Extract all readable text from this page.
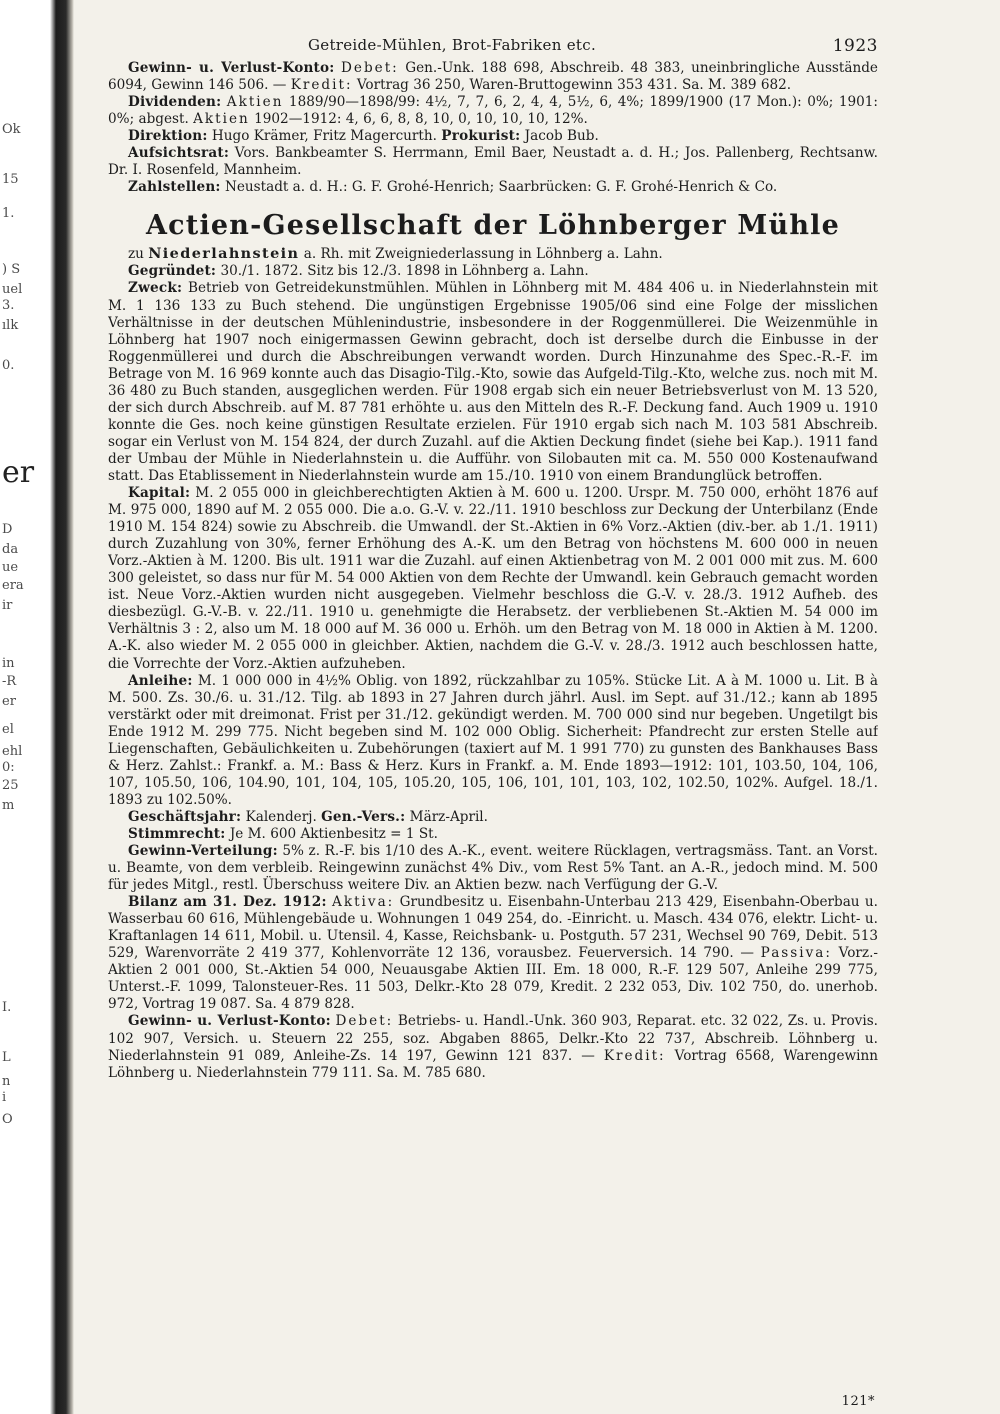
Ok
15
1.
) S
uel
3.
ılk
0.
er
D
da
ue
era
ir
in
-R
er
el
ehl
0:
25
m
I.
L
n
i
O
Getreide-Mühlen, Brot-Fabriken etc.	1923

Gewinn- u. Verlust-Konto: Debet: Gen.-Unk. 188 698, Abschreib. 48 383, uneinbringliche Ausstände 6094, Gewinn 146 506. — Kredit: Vortrag 36 250, Waren-Bruttogewinn 353 431. Sa. M. 389 682.

Dividenden: Aktien 1889/90—1898/99: 4½, 7, 7, 6, 2, 4, 4, 5½, 6, 4%; 1899/1900 (17 Mon.): 0%; 1901: 0%; abgest. Aktien 1902—1912: 4, 6, 6, 8, 8, 10, 0, 10, 10, 10, 12%.

Direktion: Hugo Krämer, Fritz Magercurth. Prokurist: Jacob Bub.

Aufsichtsrat: Vors. Bankbeamter S. Herrmann, Emil Baer, Neustadt a. d. H.; Jos. Pallenberg, Rechtsanw. Dr. I. Rosenfeld, Mannheim.

Zahlstellen: Neustadt a. d. H.: G. F. Grohé-Henrich; Saarbrücken: G. F. Grohé-Henrich & Co.

Actien-Gesellschaft der Löhnberger Mühle

zu Niederlahnstein a. Rh. mit Zweigniederlassung in Löhnberg a. Lahn.

Gegründet: 30./1. 1872. Sitz bis 12./3. 1898 in Löhnberg a. Lahn.

Zweck: Betrieb von Getreidekunstmühlen. Mühlen in Löhnberg mit M. 484 406 u. in Niederlahnstein mit M. 1 136 133 zu Buch stehend. Die ungünstigen Ergebnisse 1905/06 sind eine Folge der misslichen Verhältnisse in der deutschen Mühlenindustrie, insbesondere in der Roggenmüllerei. Die Weizenmühle in Löhnberg hat 1907 noch einigermassen Gewinn gebracht, doch ist derselbe durch die Einbusse in der Roggenmüllerei und durch die Abschreibungen verwandt worden. Durch Hinzunahme des Spec.-R.-F. im Betrage von M. 16 969 konnte auch das Disagio-Tilg.-Kto, sowie das Aufgeld-Tilg.-Kto, welche zus. noch mit M. 36 480 zu Buch standen, ausgeglichen werden. Für 1908 ergab sich ein neuer Betriebsverlust von M. 13 520, der sich durch Abschreib. auf M. 87 781 erhöhte u. aus den Mitteln des R.-F. Deckung fand. Auch 1909 u. 1910 konnte die Ges. noch keine günstigen Resultate erzielen. Für 1910 ergab sich nach M. 103 581 Abschreib. sogar ein Verlust von M. 154 824, der durch Zuzahl. auf die Aktien Deckung findet (siehe bei Kap.). 1911 fand der Umbau der Mühle in Niederlahnstein u. die Aufführ. von Silobauten mit ca. M. 550 000 Kostenaufwand statt. Das Etablissement in Niederlahnstein wurde am 15./10. 1910 von einem Brandunglück betroffen.

Kapital: M. 2 055 000 in gleichberechtigten Aktien à M. 600 u. 1200. Urspr. M. 750 000, erhöht 1876 auf M. 975 000, 1890 auf M. 2 055 000. Die a.o. G.-V. v. 22./11. 1910 beschloss zur Deckung der Unterbilanz (Ende 1910 M. 154 824) sowie zu Abschreib. die Umwandl. der St.-Aktien in 6% Vorz.-Aktien (div.-ber. ab 1./1. 1911) durch Zuzahlung von 30%, ferner Erhöhung des A.-K. um den Betrag von höchstens M. 600 000 in neuen Vorz.-Aktien à M. 1200. Bis ult. 1911 war die Zuzahl. auf einen Aktienbetrag von M. 2 001 000 mit zus. M. 600 300 geleistet, so dass nur für M. 54 000 Aktien von dem Rechte der Umwandl. kein Gebrauch gemacht worden ist. Neue Vorz.-Aktien wurden nicht ausgegeben. Vielmehr beschloss die G.-V. v. 28./3. 1912 Aufheb. des diesbezügl. G.-V.-B. v. 22./11. 1910 u. genehmigte die Herabsetz. der verbliebenen St.-Aktien M. 54 000 im Verhältnis 3 : 2, also um M. 18 000 auf M. 36 000 u. Erhöh. um den Betrag von M. 18 000 in Aktien à M. 1200. A.-K. also wieder M. 2 055 000 in gleichber. Aktien, nachdem die G.-V. v. 28./3. 1912 auch beschlossen hatte, die Vorrechte der Vorz.-Aktien aufzuheben.

Anleihe: M. 1 000 000 in 4½% Oblig. von 1892, rückzahlbar zu 105%. Stücke Lit. A à M. 1000 u. Lit. B à M. 500. Zs. 30./6. u. 31./12. Tilg. ab 1893 in 27 Jahren durch jährl. Ausl. im Sept. auf 31./12.; kann ab 1895 verstärkt oder mit dreimonat. Frist per 31./12. gekündigt werden. M. 700 000 sind nur begeben. Ungetilgt bis Ende 1912 M. 299 775. Nicht begeben sind M. 102 000 Oblig. Sicherheit: Pfandrecht zur ersten Stelle auf Liegenschaften, Gebäulichkeiten u. Zubehörungen (taxiert auf M. 1 991 770) zu gunsten des Bankhauses Bass & Herz. Zahlst.: Frankf. a. M.: Bass & Herz. Kurs in Frankf. a. M. Ende 1893—1912: 101, 103.50, 104, 106, 107, 105.50, 106, 104.90, 101, 104, 105, 105.20, 105, 106, 101, 101, 103, 102, 102.50, 102%. Aufgel. 18./1. 1893 zu 102.50%.

Geschäftsjahr: Kalenderj. Gen.-Vers.: März-April.

Stimmrecht: Je M. 600 Aktienbesitz = 1 St.

Gewinn-Verteilung: 5% z. R.-F. bis 1/10 des A.-K., event. weitere Rücklagen, vertragsmäss. Tant. an Vorst. u. Beamte, von dem verbleib. Reingewinn zunächst 4% Div., vom Rest 5% Tant. an A.-R., jedoch mind. M. 500 für jedes Mitgl., restl. Überschuss weitere Div. an Aktien bezw. nach Verfügung der G.-V.

Bilanz am 31. Dez. 1912: Aktiva: Grundbesitz u. Eisenbahn-Unterbau 213 429, Eisenbahn-Oberbau u. Wasserbau 60 616, Mühlengebäude u. Wohnungen 1 049 254, do. -Einricht. u. Masch. 434 076, elektr. Licht- u. Kraftanlagen 14 611, Mobil. u. Utensil. 4, Kasse, Reichsbank- u. Postguth. 57 231, Wechsel 90 769, Debit. 513 529, Warenvorräte 2 419 377, Kohlenvorräte 12 136, vorausbez. Feuerversich. 14 790. — Passiva: Vorz.-Aktien 2 001 000, St.-Aktien 54 000, Neuausgabe Aktien III. Em. 18 000, R.-F. 129 507, Anleihe 299 775, Unterst.-F. 1099, Talonsteuer-Res. 11 503, Delkr.-Kto 28 079, Kredit. 2 232 053, Div. 102 750, do. unerhob. 972, Vortrag 19 087. Sa. 4 879 828.

Gewinn- u. Verlust-Konto: Debet: Betriebs- u. Handl.-Unk. 360 903, Reparat. etc. 32 022, Zs. u. Provis. 102 907, Versich. u. Steuern 22 255, soz. Abgaben 8865, Delkr.-Kto 22 737, Abschreib. Löhnberg u. Niederlahnstein 91 089, Anleihe-Zs. 14 197, Gewinn 121 837. — Kredit: Vortrag 6568, Warengewinn Löhnberg u. Niederlahnstein 779 111. Sa. M. 785 680.

121*
